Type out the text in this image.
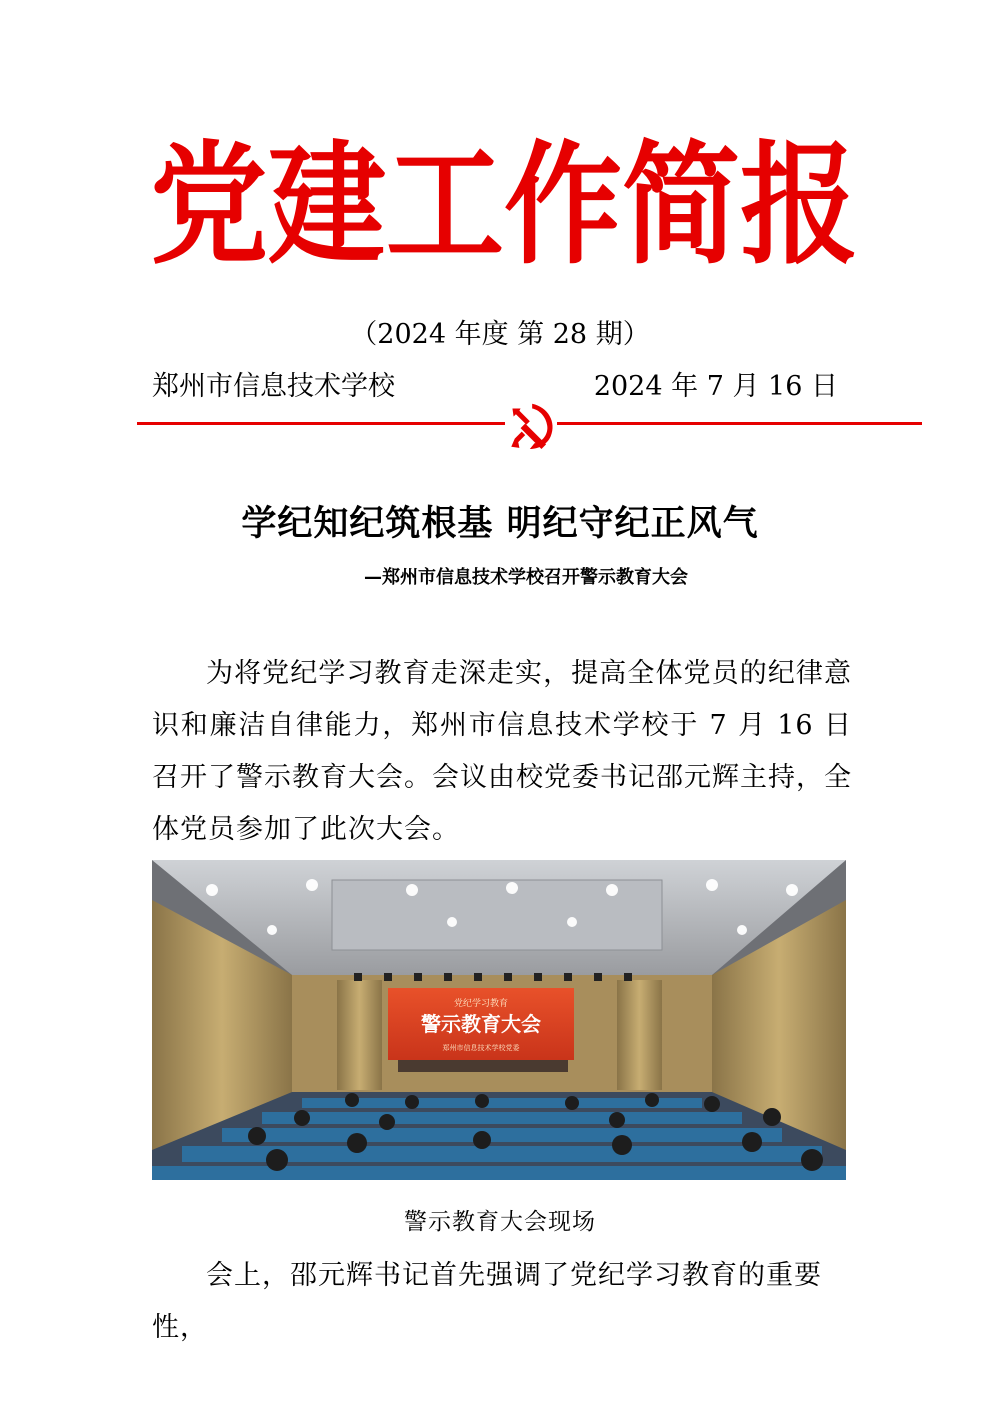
党 建 工 作 简 报
（2024 年度 第 28 期）
郑州市信息技术学校	2024 年 7 月 16 日
学纪知纪筑根基 明纪守纪正风气
—郑州市信息技术学校召开警示教育大会
为将党纪学习教育走深走实，提高全体党员的纪律意识和廉洁自律能力，郑州市信息技术学校于 7 月 16 日召开了警示教育大会。会议由校党委书记邵元辉主持，全体党员参加了此次大会。
党纪学习教育
警示教育大会
郑州市信息技术学校党委
警示教育大会现场
会上，邵元辉书记首先强调了党纪学习教育的重要性，
